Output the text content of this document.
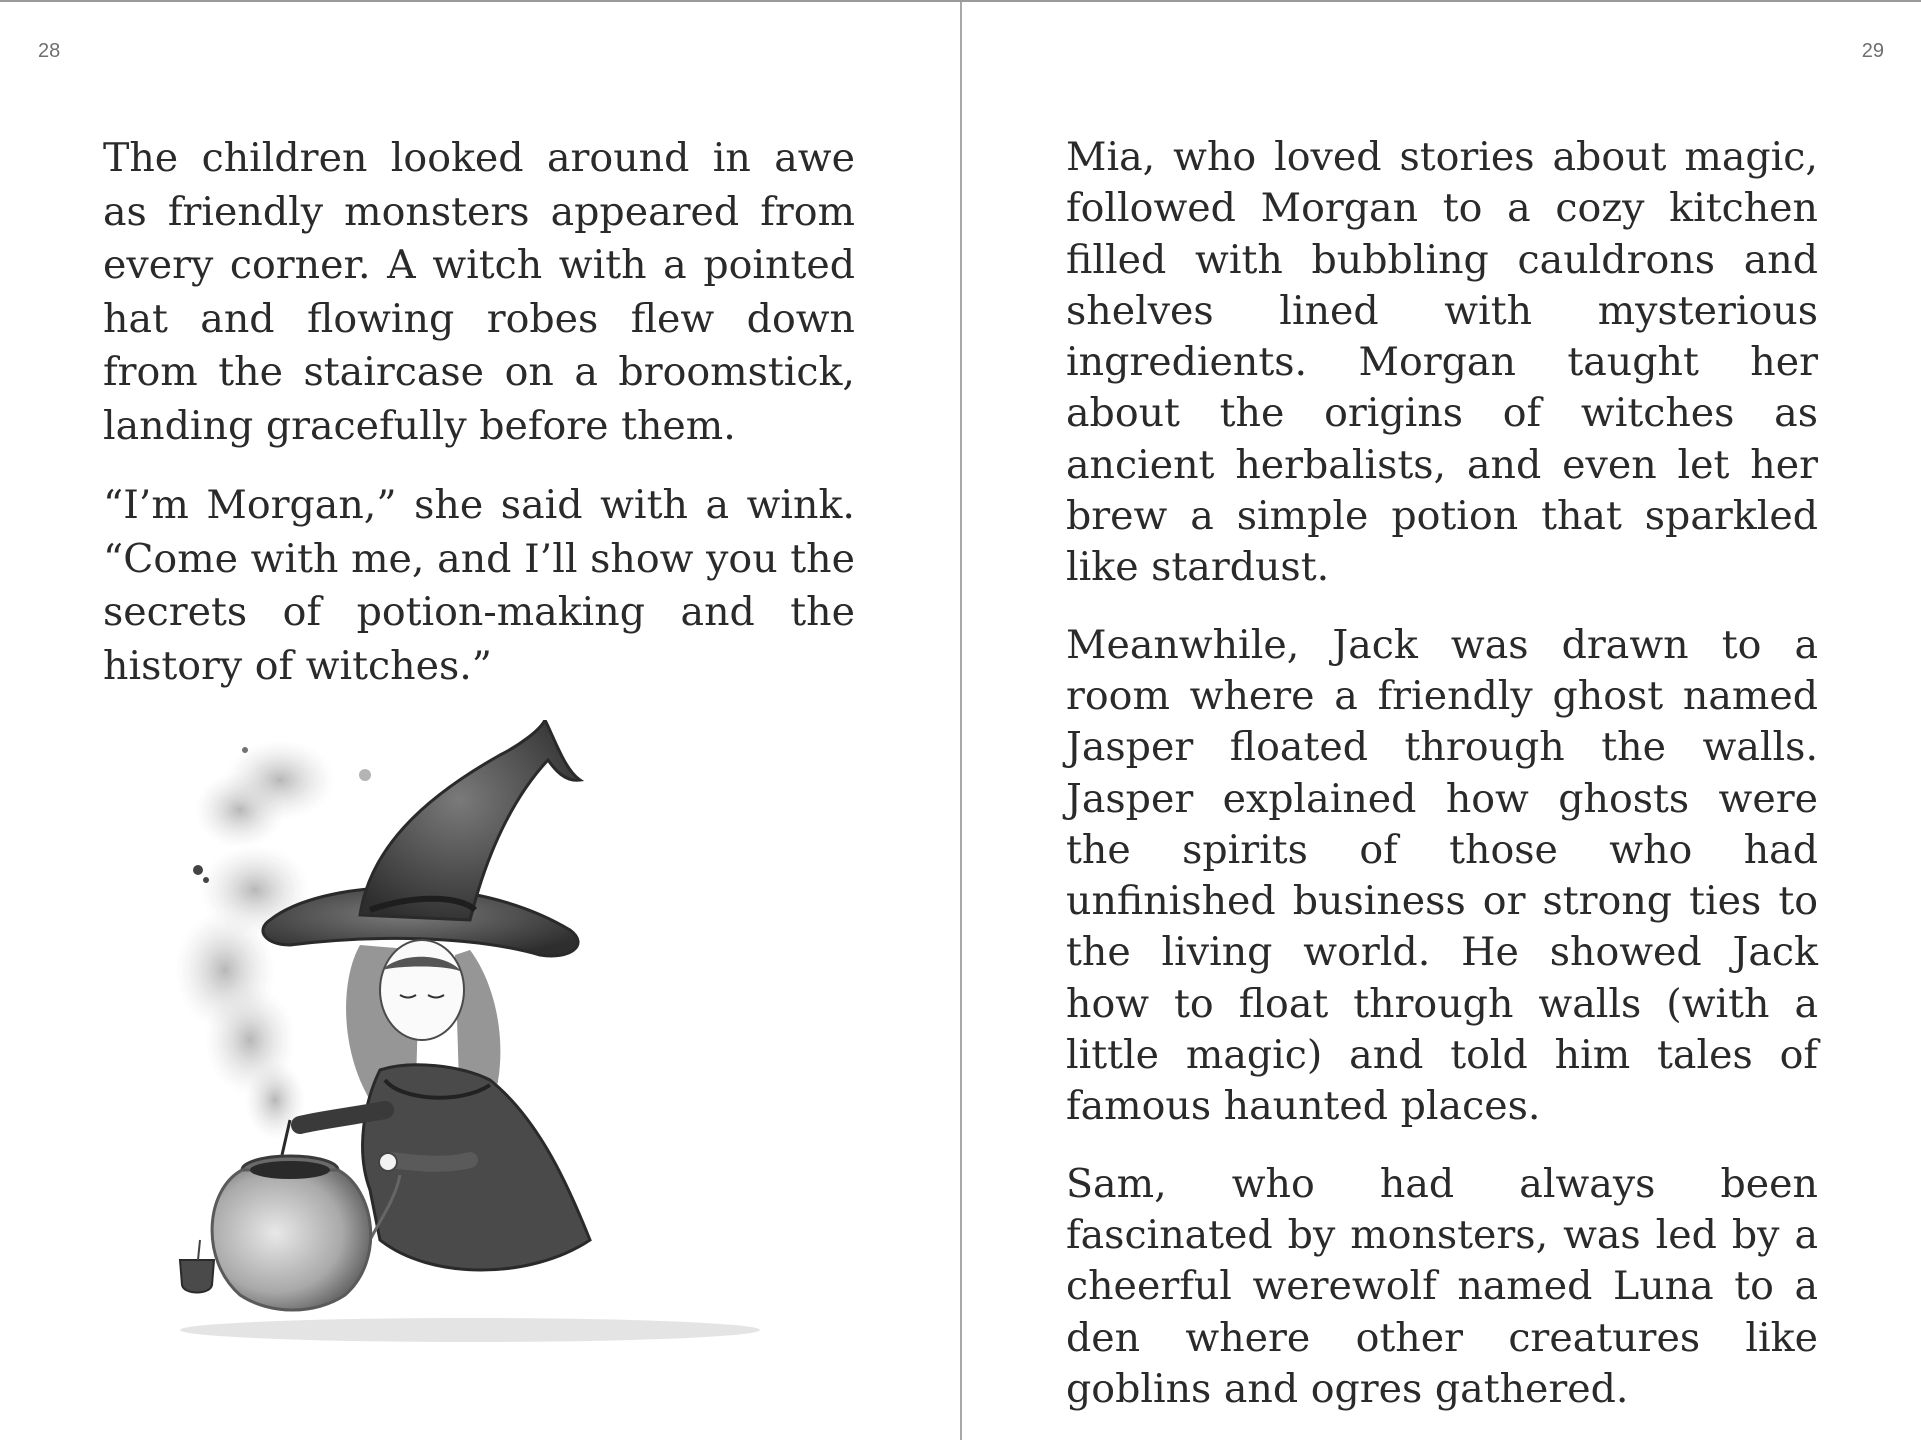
28

The children looked around in awe as friendly monsters appeared from every corner. A witch with a pointed hat and flowing robes flew down from the staircase on a broomstick, landing gracefully before them.

“I’m Morgan,” she said with a wink. “Come with me, and I’ll show you the secrets of potion-making and the history of witches.”

29

Mia, who loved stories about magic, followed Morgan to a cozy kitchen filled with bubbling cauldrons and shelves lined with mysterious ingredients. Morgan taught her about the origins of witches as ancient herbalists, and even let her brew a simple potion that sparkled like stardust.

Meanwhile, Jack was drawn to a room where a friendly ghost named Jasper floated through the walls. Jasper explained how ghosts were the spirits of those who had unfinished business or strong ties to the living world. He showed Jack how to float through walls (with a little magic) and told him tales of famous haunted places.

Sam, who had always been fascinated by monsters, was led by a cheerful werewolf named Luna to a den where other creatures like goblins and ogres gathered.
